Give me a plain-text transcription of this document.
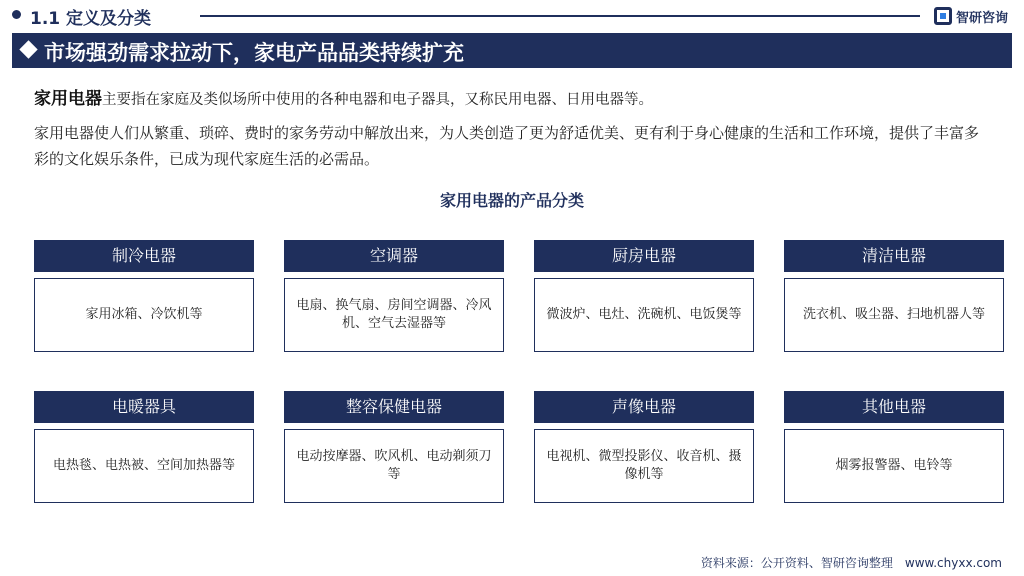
1.1 定义及分类	智研咨询
市场强劲需求拉动下，家电产品品类持续扩充
家用电器主要指在家庭及类似场所中使用的各种电器和电子器具，又称民用电器、日用电器等。
家用电器使人们从繁重、琐碎、费时的家务劳动中解放出来，为人类创造了更为舒适优美、更有利于身心健康的生活和工作环境，提供了丰富多彩的文化娱乐条件，已成为现代家庭生活的必需品。
家用电器的产品分类
制冷电器
家用冰箱、冷饮机等
空调器
电扇、换气扇、房间空调器、冷风机、空气去湿器等
厨房电器
微波炉、电灶、洗碗机、电饭煲等
清洁电器
洗衣机、吸尘器、扫地机器人等
电暖器具
电热毯、电热被、空间加热器等
整容保健电器
电动按摩器、吹风机、电动剃须刀等
声像电器
电视机、微型投影仪、收音机、摄像机等
其他电器
烟雾报警器、电铃等
资料来源：公开资料、智研咨询整理 www.chyxx.com
